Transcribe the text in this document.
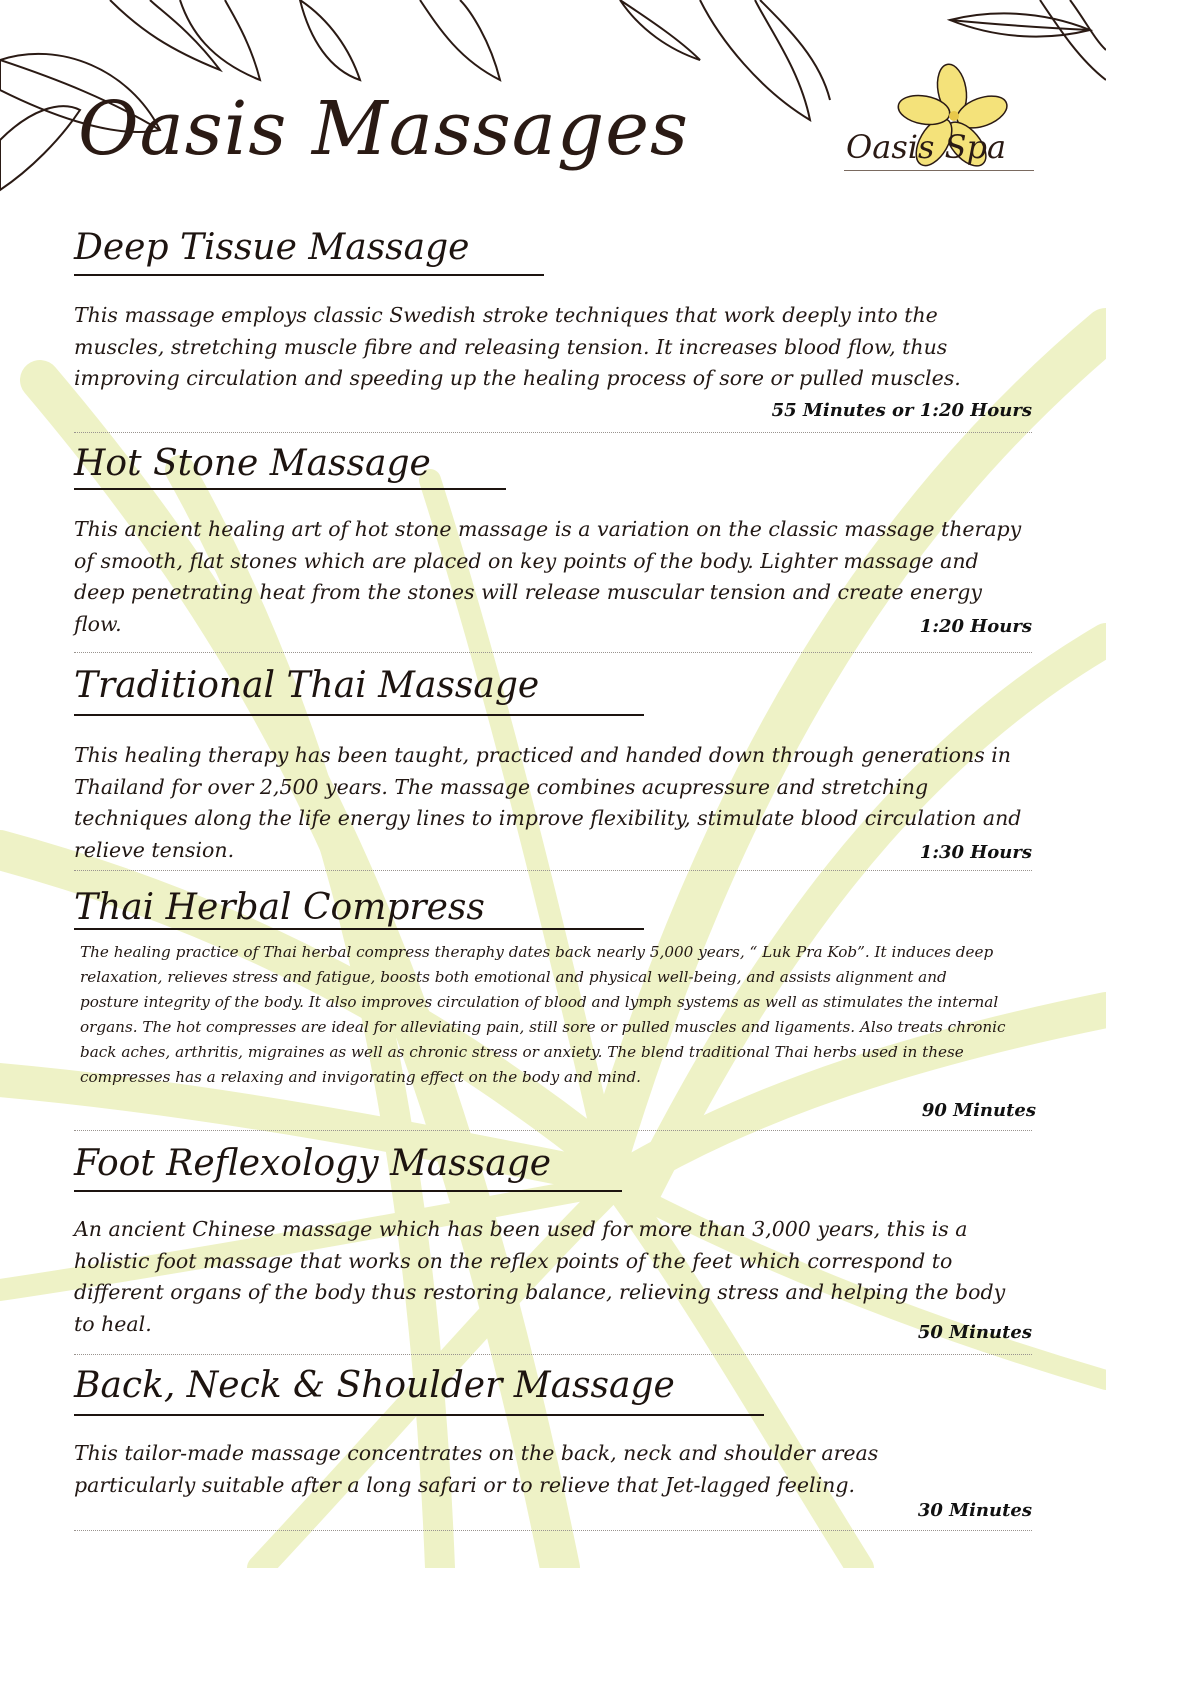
Oasis Massages	Oasis Spa
Deep Tissue Massage

This massage employs classic Swedish stroke techniques that work deeply into the muscles, stretching muscle fibre and releasing tension. It increases blood flow, thus improving circulation and speeding up the healing process of sore or pulled muscles.

55 Minutes or 1:20 Hours
Hot Stone Massage

This ancient healing art of hot stone massage is a variation on the classic massage therapy of smooth, flat stones which are placed on key points of the body. Lighter massage and deep penetrating heat from the stones will release muscular tension and create energy flow.	1:20 Hours
Traditional Thai Massage

This healing therapy has been taught, practiced and handed down through generations in Thailand for over 2,500 years. The massage combines acupressure and stretching techniques along the life energy lines to improve flexibility, stimulate blood circulation and relieve tension.	1:30 Hours
Thai Herbal Compress

The healing practice of Thai herbal compress theraphy dates back nearly 5,000 years, “ Luk Pra Kob”. It induces deep relaxation, relieves stress and fatigue, boosts both emotional and physical well-being, and assists alignment and posture integrity of the body. It also improves circulation of blood and lymph systems as well as stimulates the internal organs. The hot compresses are ideal for alleviating pain, still sore or pulled muscles and ligaments. Also treats chronic back aches, arthritis, migraines as well as chronic stress or anxiety. The blend traditional Thai herbs used in these compresses has a relaxing and invigorating effect on the body and mind.

90 Minutes
Foot Reflexology Massage

An ancient Chinese massage which has been used for more than 3,000 years, this is a holistic foot massage that works on the reflex points of the feet which correspond to different organs of the body thus restoring balance, relieving stress and helping the body to heal.	50 Minutes
Back, Neck & Shoulder Massage

This tailor-made massage concentrates on the back, neck and shoulder areas particularly suitable after a long safari or to relieve that Jet-lagged feeling.

30 Minutes
